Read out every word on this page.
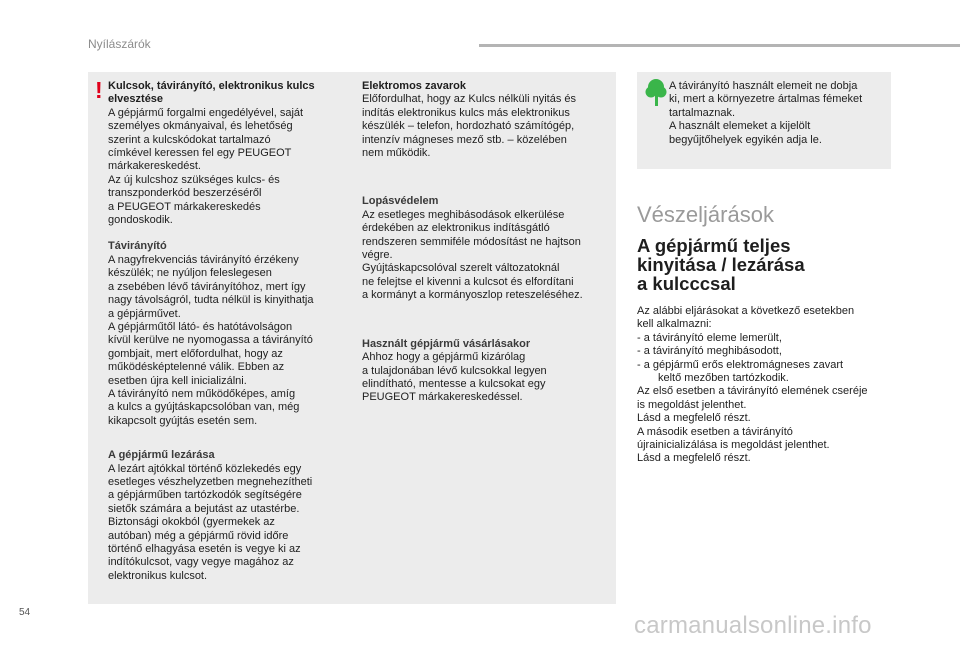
Nyílászárók
! Kulcsok, távirányító, elektronikus kulcs elvesztése

A gépjármű forgalmi engedélyével, saját
személyes okmányaival, és lehetőség
szerint a kulcskódokat tartalmazó
címkével keressen fel egy PEUGEOT
márkakereskedést.
Az új kulcshoz szükséges kulcs- és
transzponderkód beszerzéséről
a PEUGEOT márkakereskedés
gondoskodik.

Távirányító

A nagyfrekvenciás távirányító érzékeny
készülék; ne nyúljon feleslegesen
a zsebében lévő távirányítóhoz, mert így
nagy távolságról, tudta nélkül is kinyithatja
a gépjárművet.
A gépjárműtől látó- és hatótávolságon
kívül kerülve ne nyomogassa a távirányító
gombjait, mert előfordulhat, hogy az
működésképtelenné válik. Ebben az
esetben újra kell inicializálni.
A távirányító nem működőképes, amíg
a kulcs a gyújtáskapcsolóban van, még
kikapcsolt gyújtás esetén sem.

A gépjármű lezárása

A lezárt ajtókkal történő közlekedés egy
esetleges vészhelyzetben megnehezítheti
a gépjárműben tartózkodók segítségére
sietők számára a bejutást az utastérbe.
Biztonsági okokból (gyermekek az
autóban) még a gépjármű rövid időre
történő elhagyása esetén is vegye ki az
indítókulcsot, vagy vegye magához az
elektronikus kulcsot.

Elektromos zavarok

Előfordulhat, hogy az Kulcs nélküli nyitás és
indítás elektronikus kulcs más elektronikus
készülék – telefon, hordozható számítógép,
intenzív mágneses mező stb. – közelében
nem működik.

Lopásvédelem

Az esetleges meghibásodások elkerülése
érdekében az elektronikus indításgátló
rendszeren semmiféle módosítást ne hajtson
végre.
Gyújtáskapcsolóval szerelt változatoknál
ne felejtse el kivenni a kulcsot és elfordítani
a kormányt a kormányoszlop reteszeléséhez.

Használt gépjármű vásárlásakor

Ahhoz hogy a gépjármű kizárólag
a tulajdonában lévő kulcsokkal legyen
elindítható, mentesse a kulcsokat egy
PEUGEOT márkakereskedéssel.

A távirányító használt elemeit ne dobja
ki, mert a környezetre ártalmas fémeket
tartalmaznak.
A használt elemeket a kijelölt
begyűjtőhelyek egyikén adja le.

Vészeljárások
A gépjármű teljes
kinyitása / lezárása
a kulcccsal

Az alábbi eljárásokat a következő esetekben
kell alkalmazni:

- a távirányító eleme lemerült,

- a távirányító meghibásodott,

- a gépjármű erős elektromágneses zavart
keltő mezőben tartózkodik.

Az első esetben a távirányító elemének cseréje
is megoldást jelenthet.
Lásd a megfelelő részt.
A második esetben a távirányító
újrainicializálása is megoldást jelenthet.
Lásd a megfelelő részt.

54	carmanualsonline.info
